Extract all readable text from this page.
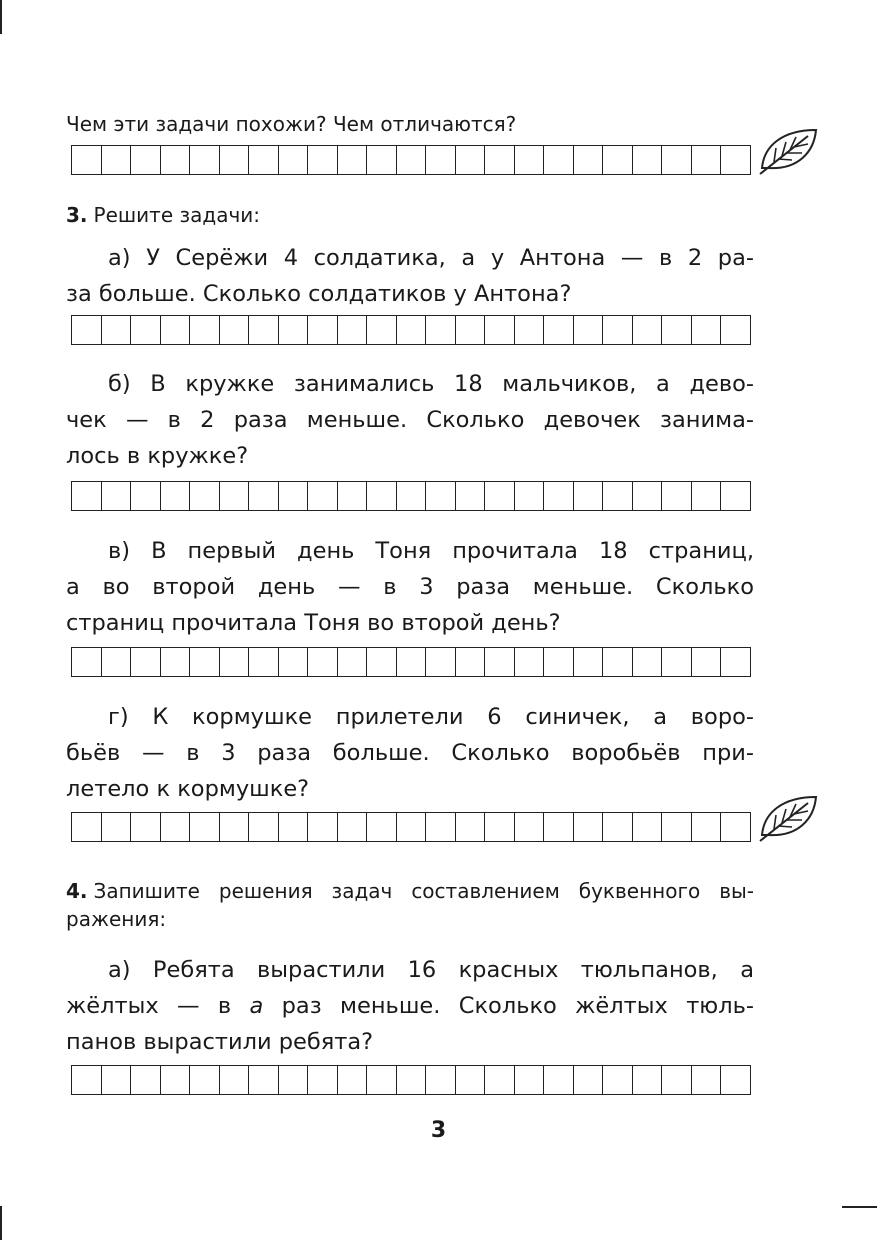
Чем эти задачи похожи? Чем отличаются?
3. Решите задачи:
а) У Серёжи 4 солдатика, а у Антона — в 2 ра-
за больше. Сколько солдатиков у Антона?
б) В кружке занимались 18 мальчиков, а дево-
чек — в 2 раза меньше. Сколько девочек занима-
лось в кружке?
в) В первый день Тоня прочитала 18 страниц,
а во второй день — в 3 раза меньше. Сколько
страниц прочитала Тоня во второй день?
г) К кормушке прилетели 6 синичек, а воро-
бьёв — в 3 раза больше. Сколько воробьёв при-
летело к кормушке?
4. Запишите решения задач составлением буквенного вы-
ражения:
а) Ребята вырастили 16 красных тюльпанов, а
жёлтых — в a раз меньше. Сколько жёлтых тюль-
панов вырастили ребята?
3
